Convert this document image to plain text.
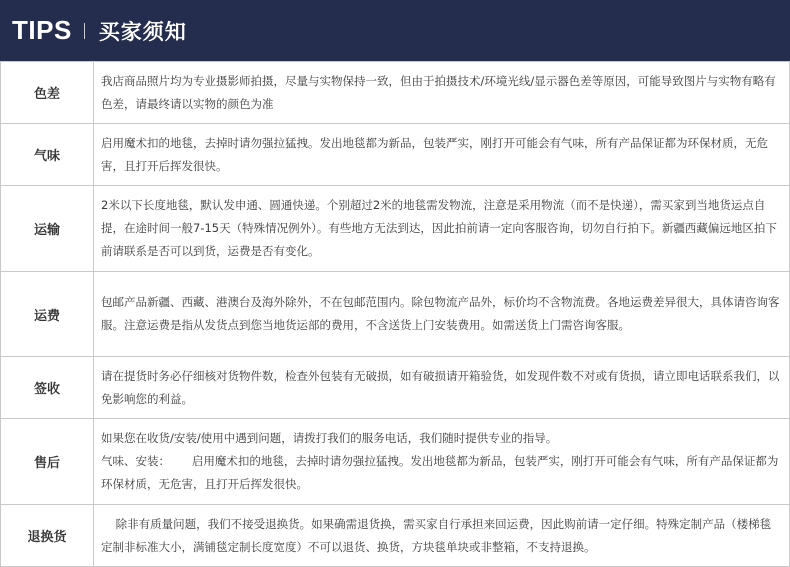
TIPS 买家须知
色差	我店商品照片均为专业摄影师拍摄，尽量与实物保持一致，但由于拍摄技术/环境光线/显示器色差等原因，可能导致图片与实物有略有色差，请最终请以实物的颜色为准

气味	启用魔术扣的地毯，去掉时请勿强拉猛拽。发出地毯都为新品，包装严实，刚打开可能会有气味，所有产品保证都为环保材质，无危害，且打开后挥发很快。

运输	2米以下长度地毯，默认发申通、圆通快递。个别超过2米的地毯需发物流，注意是采用物流（而不是快递），需买家到当地货运点自提，在途时间一般7-15天（特殊情况例外）。有些地方无法到达，因此拍前请一定向客服咨询，切勿自行拍下。新疆西藏偏远地区拍下前请联系是否可以到货，运费是否有变化。

运费	包邮产品新疆、西藏、港澳台及海外除外，不在包邮范围内。除包物流产品外，标价均不含物流费。各地运费差异很大，具体请咨询客服。注意运费是指从发货点到您当地货运部的费用，不含送货上门安装费用。如需送货上门需咨询客服。

签收	请在提货时务必仔细核对货物件数，检查外包装有无破损，如有破损请开箱验货，如发现件数不对或有货损，请立即电话联系我们，以免影响您的利益。

售后	如果您在收货/安装/使用中遇到问题，请拨打我们的服务电话，我们随时提供专业的指导。

气味、安装：      启用魔术扣的地毯，去掉时请勿强拉猛拽。发出地毯都为新品，包装严实，刚打开可能会有气味，所有产品保证都为环保材质，无危害，且打开后挥发很快。

退换货	除非有质量问题，我们不接受退换货。如果确需退货换，需买家自行承担来回运费，因此购前请一定仔细。特殊定制产品（楼梯毯定制非标准大小，满铺毯定制长度宽度）不可以退货、换货，方块毯单块或非整箱，不支持退换。
